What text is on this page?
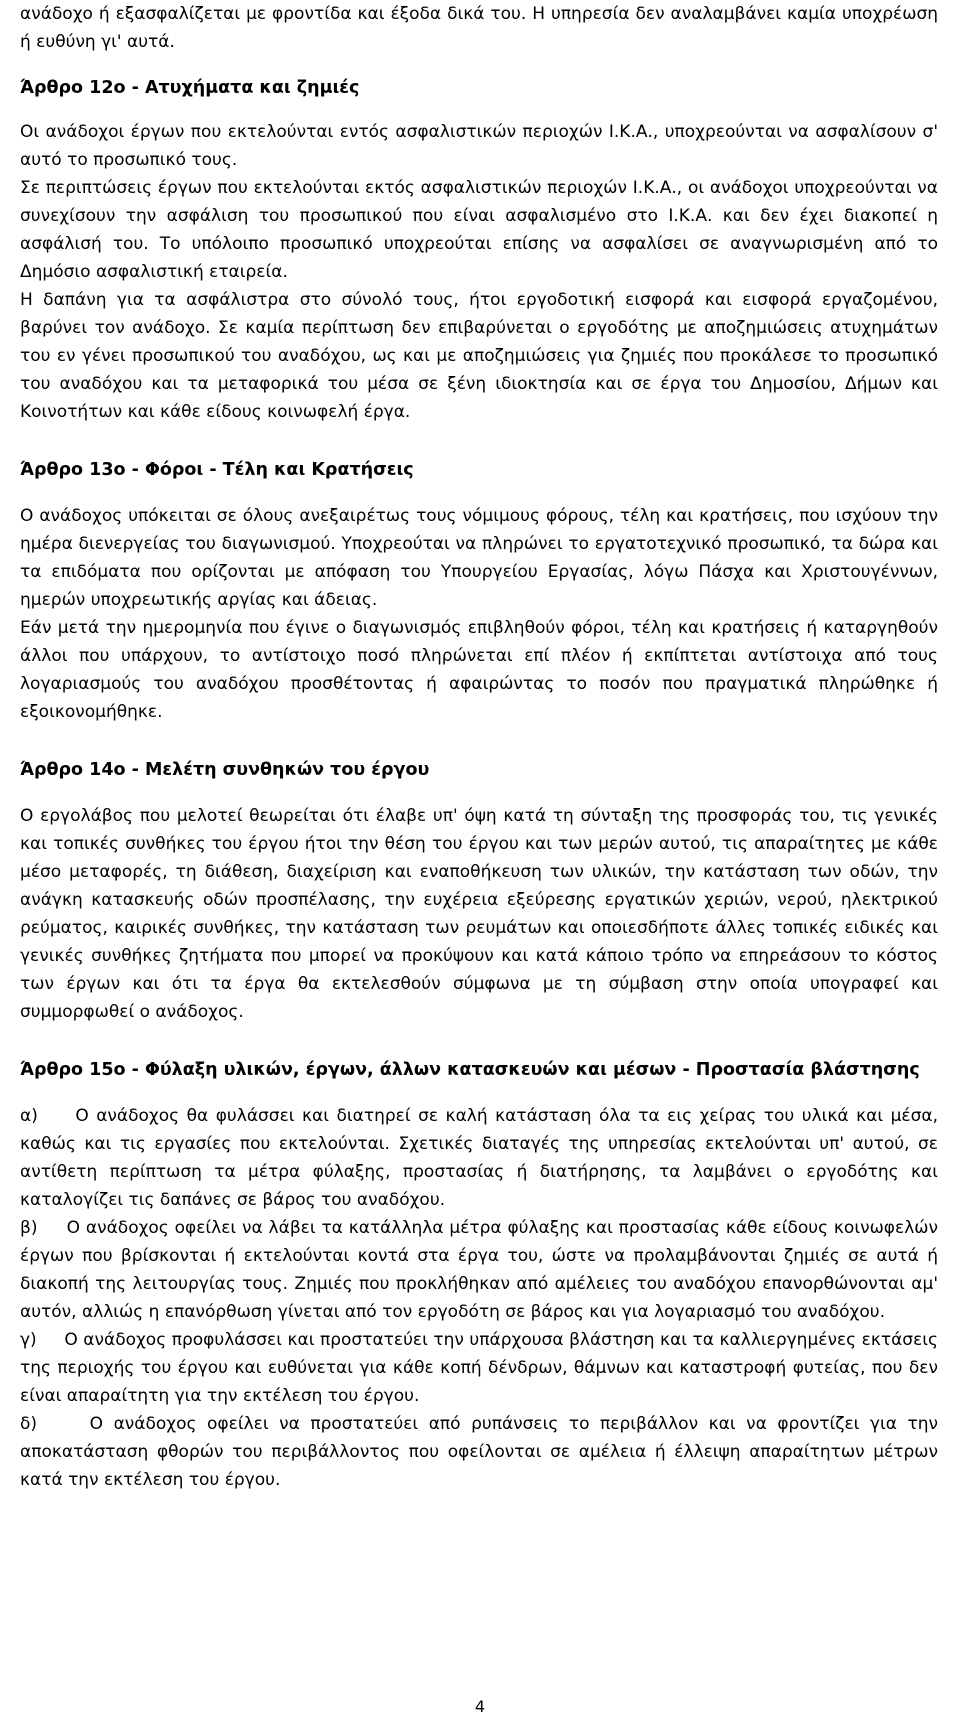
ανάδοχο ή εξασφαλίζεται με φροντίδα και έξοδα δικά του. Η υπηρεσία δεν αναλαμβάνει καμία υποχρέωση ή ευθύνη γι' αυτά.

Άρθρο 12ο - Ατυχήματα και ζημιές

Οι ανάδοχοι έργων που εκτελούνται εντός ασφαλιστικών περιοχών Ι.Κ.Α., υποχρεούνται να ασφαλίσουν σ' αυτό το προσωπικό τους.

Σε περιπτώσεις έργων που εκτελούνται εκτός ασφαλιστικών περιοχών Ι.Κ.Α., οι ανάδοχοι υποχρεούνται να συνεχίσουν την ασφάλιση του προσωπικού που είναι ασφαλισμένο στο Ι.Κ.Α. και δεν έχει διακοπεί η ασφάλισή του. Το υπόλοιπο προσωπικό υποχρεούται επίσης να ασφαλίσει σε αναγνωρισμένη από το Δημόσιο ασφαλιστική εταιρεία.

Η δαπάνη για τα ασφάλιστρα στο σύνολό τους, ήτοι εργοδοτική εισφορά και εισφορά εργαζομένου, βαρύνει τον ανάδοχο. Σε καμία περίπτωση δεν επιβαρύνεται ο εργοδότης με αποζημιώσεις ατυχημάτων του εν γένει προσωπικού του αναδόχου, ως και με αποζημιώσεις για ζημιές που προκάλεσε το προσωπικό του αναδόχου και τα μεταφορικά του μέσα σε ξένη ιδιοκτησία και σε έργα του Δημοσίου, Δήμων και Κοινοτήτων και κάθε είδους κοινωφελή έργα.

Άρθρο 13ο - Φόροι - Τέλη και Κρατήσεις

Ο ανάδοχος υπόκειται σε όλους ανεξαιρέτως τους νόμιμους φόρους, τέλη και κρατήσεις, που ισχύουν την ημέρα διενεργείας του διαγωνισμού. Υποχρεούται να πληρώνει το εργατοτεχνικό προσωπικό, τα δώρα και τα επιδόματα που ορίζονται με απόφαση του Υπουργείου Εργασίας, λόγω Πάσχα και Χριστουγέννων, ημερών υποχρεωτικής αργίας και άδειας.

Εάν μετά την ημερομηνία που έγινε ο διαγωνισμός επιβληθούν φόροι, τέλη και κρατήσεις ή καταργηθούν άλλοι που υπάρχουν, το αντίστοιχο ποσό πληρώνεται επί πλέον ή εκπίπτεται αντίστοιχα από τους λογαριασμούς του αναδόχου προσθέτοντας ή αφαιρώντας το ποσόν που πραγματικά πληρώθηκε ή εξοικονομήθηκε.

Άρθρο 14ο - Μελέτη συνθηκών του έργου

Ο εργολάβος που μελοτεί θεωρείται ότι έλαβε υπ' όψη κατά τη σύνταξη της προσφοράς του, τις γενικές και τοπικές συνθήκες του έργου ήτοι την θέση του έργου και των μερών αυτού, τις απαραίτητες με κάθε μέσο μεταφορές, τη διάθεση, διαχείριση και εναποθήκευση των υλικών, την κατάσταση των οδών, την ανάγκη κατασκευής οδών προσπέλασης, την ευχέρεια εξεύρεσης εργατικών χεριών, νερού, ηλεκτρικού ρεύματος, καιρικές συνθήκες, την κατάσταση των ρευμάτων και οποιεσδήποτε άλλες τοπικές ειδικές και γενικές συνθήκες ζητήματα που μπορεί να προκύψουν και κατά κάποιο τρόπο να επηρεάσουν το κόστος των έργων και ότι τα έργα θα εκτελεσθούν σύμφωνα με τη σύμβαση στην οποία υπογραφεί και συμμορφωθεί ο ανάδοχος.

Άρθρο 15ο - Φύλαξη υλικών, έργων, άλλων κατασκευών και μέσων - Προστασία βλάστησης

α)     Ο ανάδοχος θα φυλάσσει και διατηρεί σε καλή κατάσταση όλα τα εις χείρας του υλικά και μέσα, καθώς και τις εργασίες που εκτελούνται. Σχετικές διαταγές της υπηρεσίας εκτελούνται υπ' αυτού, σε αντίθετη περίπτωση τα μέτρα φύλαξης, προστασίας ή διατήρησης, τα λαμβάνει ο εργοδότης και καταλογίζει τις δαπάνες σε βάρος του αναδόχου.

β)     Ο ανάδοχος οφείλει να λάβει τα κατάλληλα μέτρα φύλαξης και προστασίας κάθε είδους κοινωφελών έργων που βρίσκονται ή εκτελούνται κοντά στα έργα του, ώστε να προλαμβάνονται ζημιές σε αυτά ή διακοπή της λειτουργίας τους. Ζημιές που προκλήθηκαν από αμέλειες του αναδόχου επανορθώνονται αμ' αυτόν, αλλιώς η επανόρθωση γίνεται από τον εργοδότη σε βάρος και για λογαριασμό του αναδόχου.

γ)     Ο ανάδοχος προφυλάσσει και προστατεύει την υπάρχουσα βλάστηση και τα καλλιεργημένες εκτάσεις της περιοχής του έργου και ευθύνεται για κάθε κοπή δένδρων, θάμνων και καταστροφή φυτείας, που δεν είναι απαραίτητη για την εκτέλεση του έργου.

δ)     Ο ανάδοχος οφείλει να προστατεύει από ρυπάνσεις το περιβάλλον και να φροντίζει για την αποκατάσταση φθορών του περιβάλλοντος που οφείλονται σε αμέλεια ή έλλειψη απαραίτητων μέτρων κατά την εκτέλεση του έργου.

4
